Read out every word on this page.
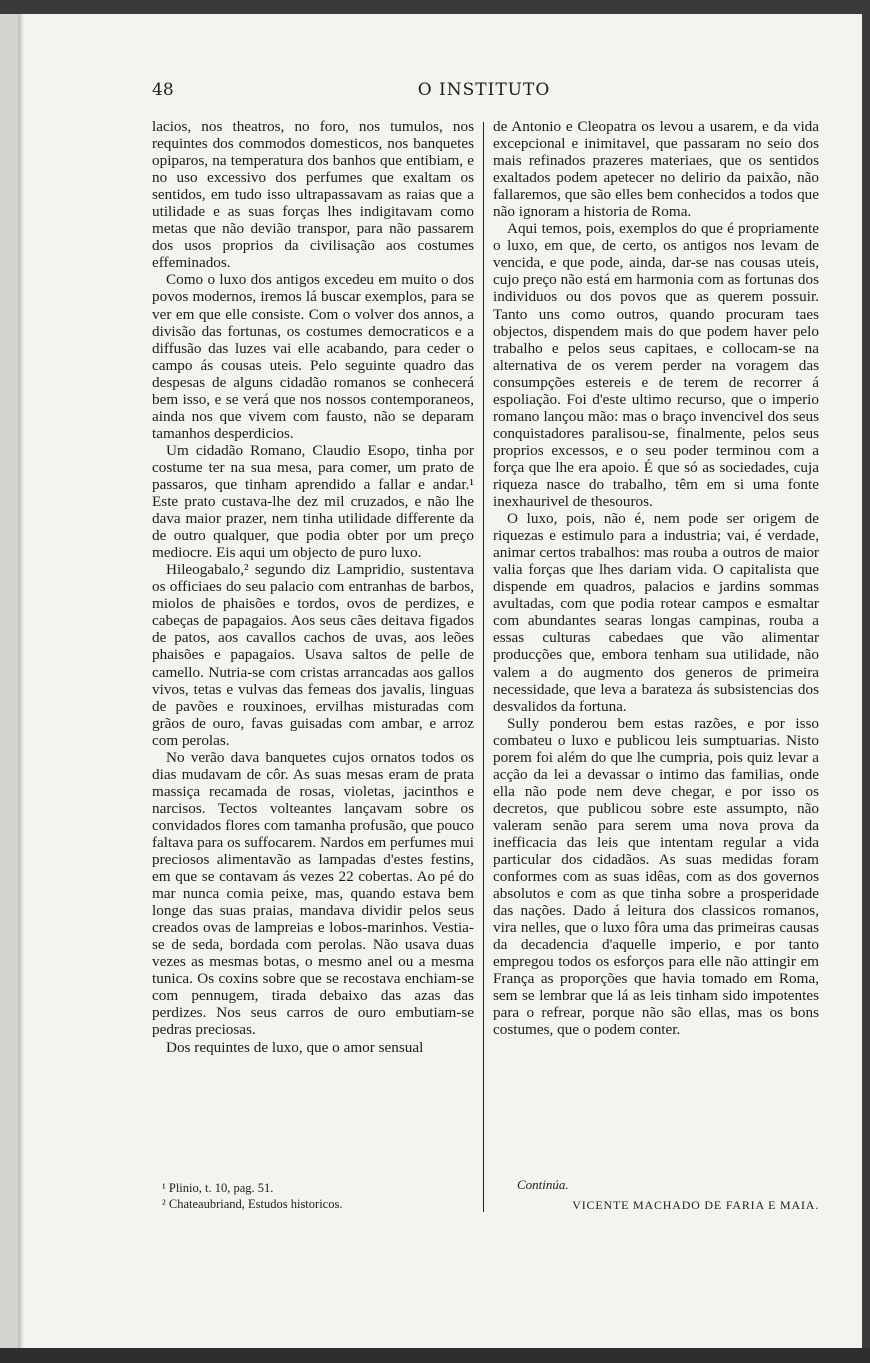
48	O INSTITUTO

lacios, nos theatros, no foro, nos tumulos, nos requintes dos commodos domesticos, nos banquetes opiparos, na temperatura dos banhos que entibiam, e no uso excessivo dos perfumes que exaltam os sentidos, em tudo isso ultrapassavam as raias que a utilidade e as suas forças lhes indigitavam como metas que não devião transpor, para não passarem dos usos proprios da civilisação aos costumes effeminados.

Como o luxo dos antigos excedeu em muito o dos povos modernos, iremos lá buscar exemplos, para se ver em que elle consiste. Com o volver dos annos, a divisão das fortunas, os costumes democraticos e a diffusão das luzes vai elle acabando, para ceder o campo ás cousas uteis. Pelo seguinte quadro das despesas de alguns cidadão romanos se conhecerá bem isso, e se verá que nos nossos contemporaneos, ainda nos que vivem com fausto, não se deparam tamanhos desperdicios.

Um cidadão Romano, Claudio Esopo, tinha por costume ter na sua mesa, para comer, um prato de passaros, que tinham aprendido a fallar e andar.¹ Este prato custava-lhe dez mil cruzados, e não lhe dava maior prazer, nem tinha utilidade differente da de outro qualquer, que podia obter por um preço mediocre. Eis aqui um objecto de puro luxo.

Hileogabalo,² segundo diz Lampridio, sustentava os officiaes do seu palacio com entranhas de barbos, miolos de phaisões e tordos, ovos de perdizes, e cabeças de papagaios. Aos seus cães deitava figados de patos, aos cavallos cachos de uvas, aos leões phaisões e papagaios. Usava saltos de pelle de camello. Nutria-se com cristas arrancadas aos gallos vivos, tetas e vulvas das femeas dos javalis, linguas de pavões e rouxinoes, ervilhas misturadas com grãos de ouro, favas guisadas com ambar, e arroz com perolas.

No verão dava banquetes cujos ornatos todos os dias mudavam de côr. As suas mesas eram de prata massiça recamada de rosas, violetas, jacinthos e narcisos. Tectos volteantes lançavam sobre os convidados flores com tamanha profusão, que pouco faltava para os suffocarem. Nardos em perfumes mui preciosos alimentavão as lampadas d'estes festins, em que se contavam ás vezes 22 cobertas. Ao pé do mar nunca comia peixe, mas, quando estava bem longe das suas praias, mandava dividir pelos seus creados ovas de lampreias e lobos-marinhos. Vestia-se de seda, bordada com perolas. Não usava duas vezes as mesmas botas, o mesmo anel ou a mesma tunica. Os coxins sobre que se recostava enchiam-se com pennugem, tirada debaixo das azas das perdizes. Nos seus carros de ouro embutiam-se pedras preciosas.

Dos requintes de luxo, que o amor sensual

de Antonio e Cleopatra os levou a usarem, e da vida excepcional e inimitavel, que passaram no seio dos mais refinados prazeres materiaes, que os sentidos exaltados podem apetecer no delirio da paixão, não fallaremos, que são elles bem conhecidos a todos que não ignoram a historia de Roma.

Aqui temos, pois, exemplos do que é propriamente o luxo, em que, de certo, os antigos nos levam de vencida, e que pode, ainda, dar-se nas cousas uteis, cujo preço não está em harmonia com as fortunas dos individuos ou dos povos que as querem possuir. Tanto uns como outros, quando procuram taes objectos, dispendem mais do que podem haver pelo trabalho e pelos seus capitaes, e collocam-se na alternativa de os verem perder na voragem das consumpções estereis e de terem de recorrer á espoliação. Foi d'este ultimo recurso, que o imperio romano lançou mão: mas o braço invencivel dos seus conquistadores paralisou-se, finalmente, pelos seus proprios excessos, e o seu poder terminou com a força que lhe era apoio. É que só as sociedades, cuja riqueza nasce do trabalho, têm em si uma fonte inexhaurivel de thesouros.

O luxo, pois, não é, nem pode ser origem de riquezas e estimulo para a industria; vai, é verdade, animar certos trabalhos: mas rouba a outros de maior valia forças que lhes dariam vida. O capitalista que dispende em quadros, palacios e jardins sommas avultadas, com que podia rotear campos e esmaltar com abundantes searas longas campinas, rouba a essas culturas cabedaes que vão alimentar producções que, embora tenham sua utilidade, não valem a do augmento dos generos de primeira necessidade, que leva a barateza ás subsistencias dos desvalidos da fortuna.

Sully ponderou bem estas razões, e por isso combateu o luxo e publicou leis sumptuarias. Nisto porem foi além do que lhe cumpria, pois quiz levar a acção da lei a devassar o intimo das familias, onde ella não pode nem deve chegar, e por isso os decretos, que publicou sobre este assumpto, não valeram senão para serem uma nova prova da inefficacia das leis que intentam regular a vida particular dos cidadãos. As suas medidas foram conformes com as suas idêas, com as dos governos absolutos e com as que tinha sobre a prosperidade das nações. Dado á leitura dos classicos romanos, vira nelles, que o luxo fôra uma das primeiras causas da decadencia d'aquelle imperio, e por tanto empregou todos os esforços para elle não attingir em França as proporções que havia tomado em Roma, sem se lembrar que lá as leis tinham sido impotentes para o refrear, porque não são ellas, mas os bons costumes, que o podem conter.

¹ Plinio, t. 10, pag. 51.
² Chateaubriand, Estudos historicos.
Continúa.
VICENTE MACHADO DE FARIA E MAIA.
